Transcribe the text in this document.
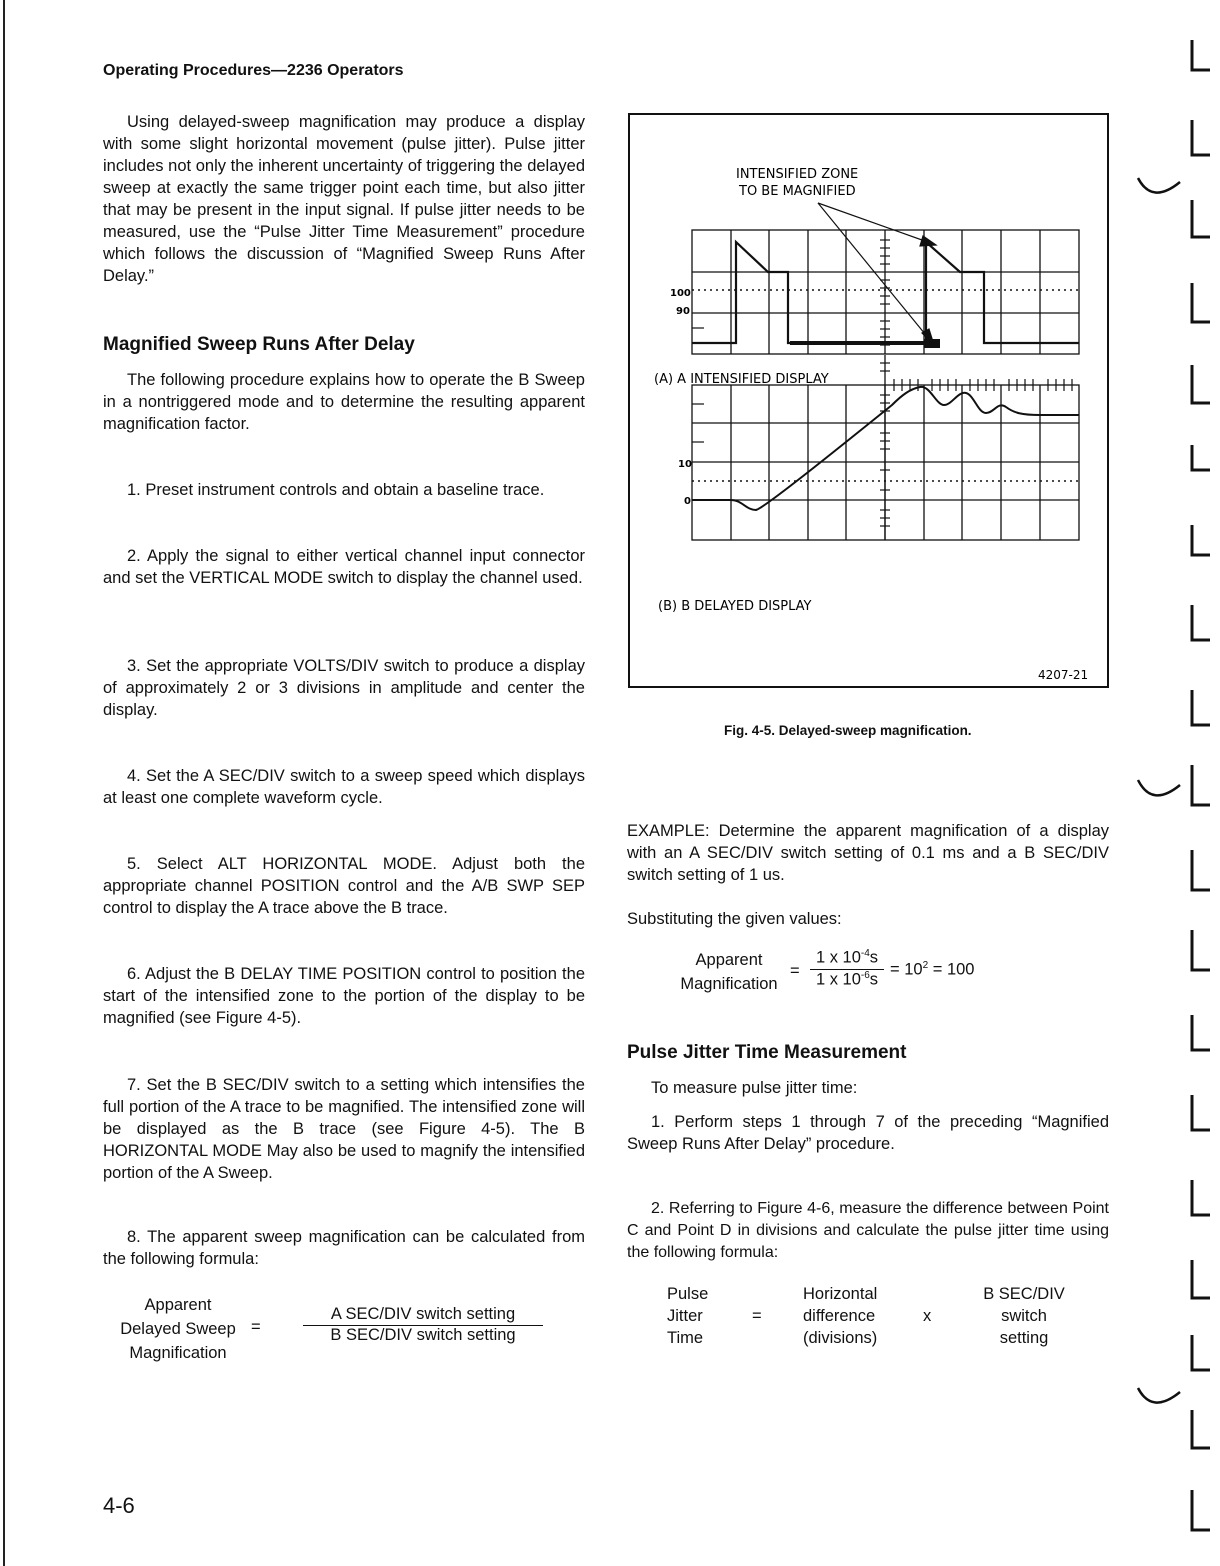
Operating Procedures—2236 Operators

Using delayed-sweep magnification may produce a display with some slight horizontal movement (pulse jitter). Pulse jitter includes not only the inherent uncertainty of triggering the delayed sweep at exactly the same trigger point each time, but also jitter that may be present in the input signal. If pulse jitter needs to be measured, use the “Pulse Jitter Time Measurement” procedure which follows the discussion of “Magnified Sweep Runs After Delay.”

Magnified Sweep Runs After Delay

The following procedure explains how to operate the B Sweep in a nontriggered mode and to determine the resulting apparent magnification factor.

1. Preset instrument controls and obtain a baseline trace.

2. Apply the signal to either vertical channel input connector and set the VERTICAL MODE switch to display the channel used.

3. Set the appropriate VOLTS/DIV switch to produce a display of approximately 2 or 3 divisions in amplitude and center the display.

4. Set the A SEC/DIV switch to a sweep speed which displays at least one complete waveform cycle.

5. Select ALT HORIZONTAL MODE. Adjust both the appropriate channel POSITION control and the A/B SWP SEP control to display the A trace above the B trace.

6. Adjust the B DELAY TIME POSITION control to position the start of the intensified zone to the portion of the display to be magnified (see Figure 4-5).

7. Set the B SEC/DIV switch to a setting which intensifies the full portion of the A trace to be magnified. The intensified zone will be displayed as the B trace (see Figure 4-5). The B HORIZONTAL MODE May also be used to magnify the intensified portion of the A Sweep.

8. The apparent sweep magnification can be calculated from the following formula:

Apparent
Delayed Sweep
Magnification
=
A SEC/DIV switch setting
B SEC/DIV switch setting
4-6
INTENSIFIED ZONE
TO BE MAGNIFIED
100
90
(A) A INTENSIFIED DISPLAY
10
0
(B) B DELAYED DISPLAY
4207-21
Fig. 4-5. Delayed-sweep magnification.

EXAMPLE: Determine the apparent magnification of a display with an A SEC/DIV switch setting of 0.1 ms and a B SEC/DIV switch setting of 1 us.

Substituting the given values:

Apparent
Magnification
= $\frac{1 x 10^{-4}s}{1 x 10^{-6}s} = 10^2 = 100$
Pulse Jitter Time Measurement

To measure pulse jitter time:

1. Perform steps 1 through 7 of the preceding “Magnified Sweep Runs After Delay” procedure.

2. Referring to Figure 4-6, measure the difference between Point C and Point D in divisions and calculate the pulse jitter time using the following formula:

Pulse
Jitter
Time
=
Horizontal
difference
(divisions)
x
B SEC/DIV
switch
setting
